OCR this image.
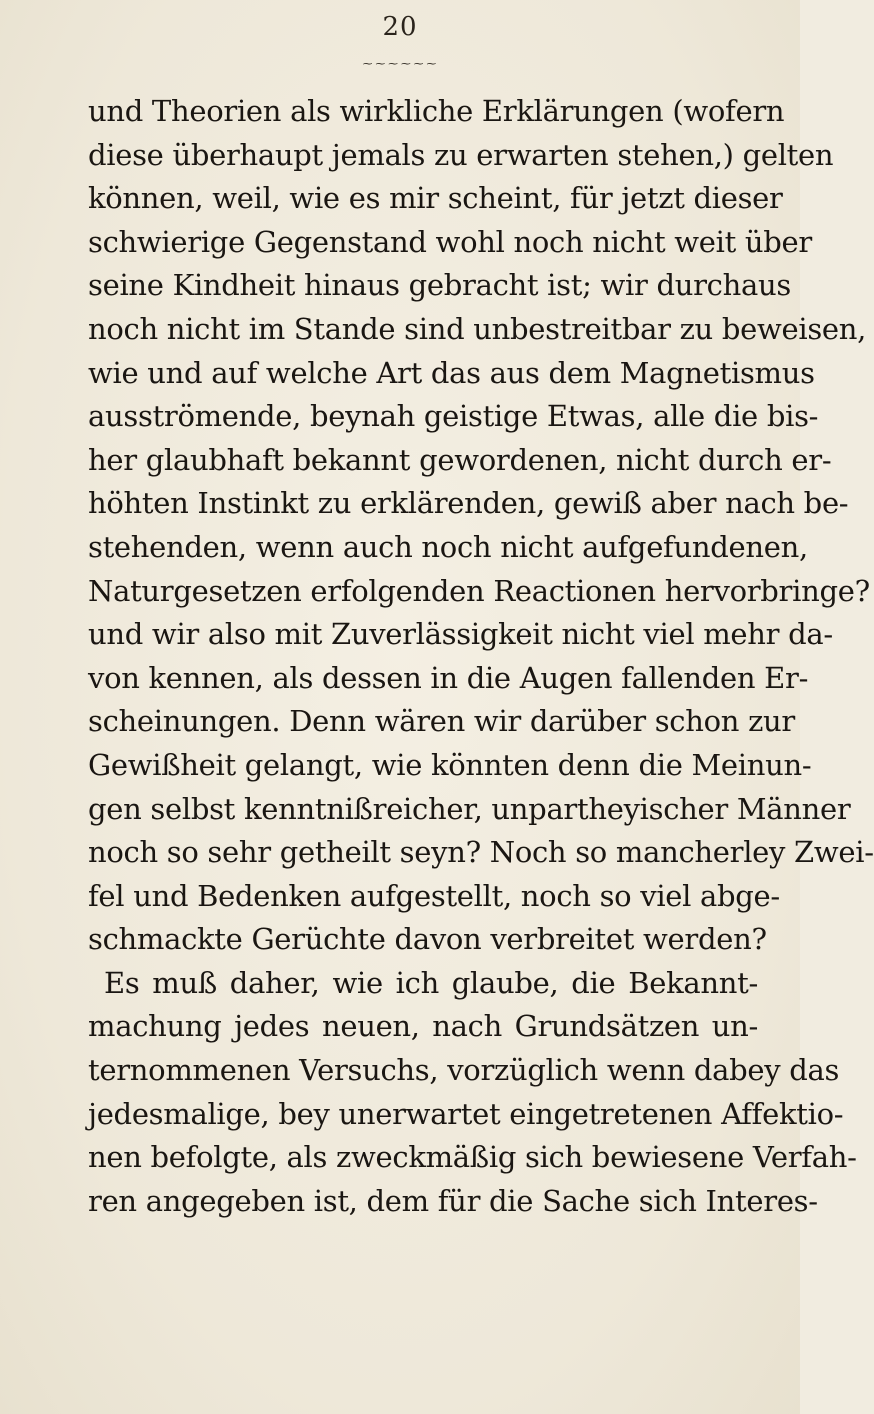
20
~~~~~~
und Theorien als wirkliche Erklärungen (wofern
diese überhaupt jemals zu erwarten stehen,) gelten
können, weil, wie es mir scheint, für jetzt dieser
schwierige Gegenstand wohl noch nicht weit über
seine Kindheit hinaus gebracht ist; wir durchaus
noch nicht im Stande sind unbestreitbar zu beweisen,
wie und auf welche Art das aus dem Magnetismus
ausströmende, beynah geistige Etwas, alle die bis-
her glaubhaft bekannt gewordenen, nicht durch er-
höhten Instinkt zu erklärenden, gewiß aber nach be-
stehenden, wenn auch noch nicht aufgefundenen,
Naturgesetzen erfolgenden Reactionen hervorbringe?
und wir also mit Zuverlässigkeit nicht viel mehr da-
von kennen, als dessen in die Augen fallenden Er-
scheinungen. Denn wären wir darüber schon zur
Gewißheit gelangt, wie könnten denn die Meinun-
gen selbst kenntnißreicher, unpartheyischer Männer
noch so sehr getheilt seyn? Noch so mancherley Zwei-
fel und Bedenken aufgestellt, noch so viel abge-
schmackte Gerüchte davon verbreitet werden?
Es muß daher, wie ich glaube, die Bekannt-
machung jedes neuen, nach Grundsätzen un-
ternommenen Versuchs, vorzüglich wenn dabey das
jedesmalige, bey unerwartet eingetretenen Affektio-
nen befolgte, als zweckmäßig sich bewiesene Verfah-
ren angegeben ist, dem für die Sache sich Interes-
